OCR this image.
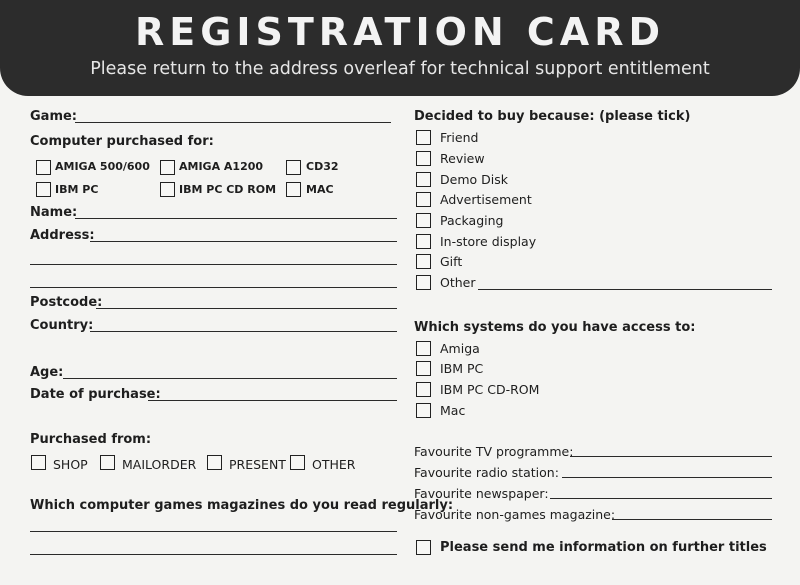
REGISTRATION CARD
Please return to the address overleaf for technical support entitlement
Game:
Computer purchased for:
AMIGA 500/600	AMIGA A1200	CD32
IBM PC	IBM PC CD ROM	MAC
Name:
Address:
Postcode:
Country:
Age:
Date of purchase:
Purchased from:
SHOP	MAILORDER	PRESENT OTHER
Which computer games magazines do you read regularly:
Decided to buy because: (please tick)
Friend
Review
Demo Disk
Advertisement
Packaging
In-store display
Gift
Other
Which systems do you have access to:
Amiga
IBM PC
IBM PC CD-ROM
Mac
Favourite TV programme:
Favourite radio station:
Favourite newspaper:
Favourite non-games magazine:
Please send me information on further titles
